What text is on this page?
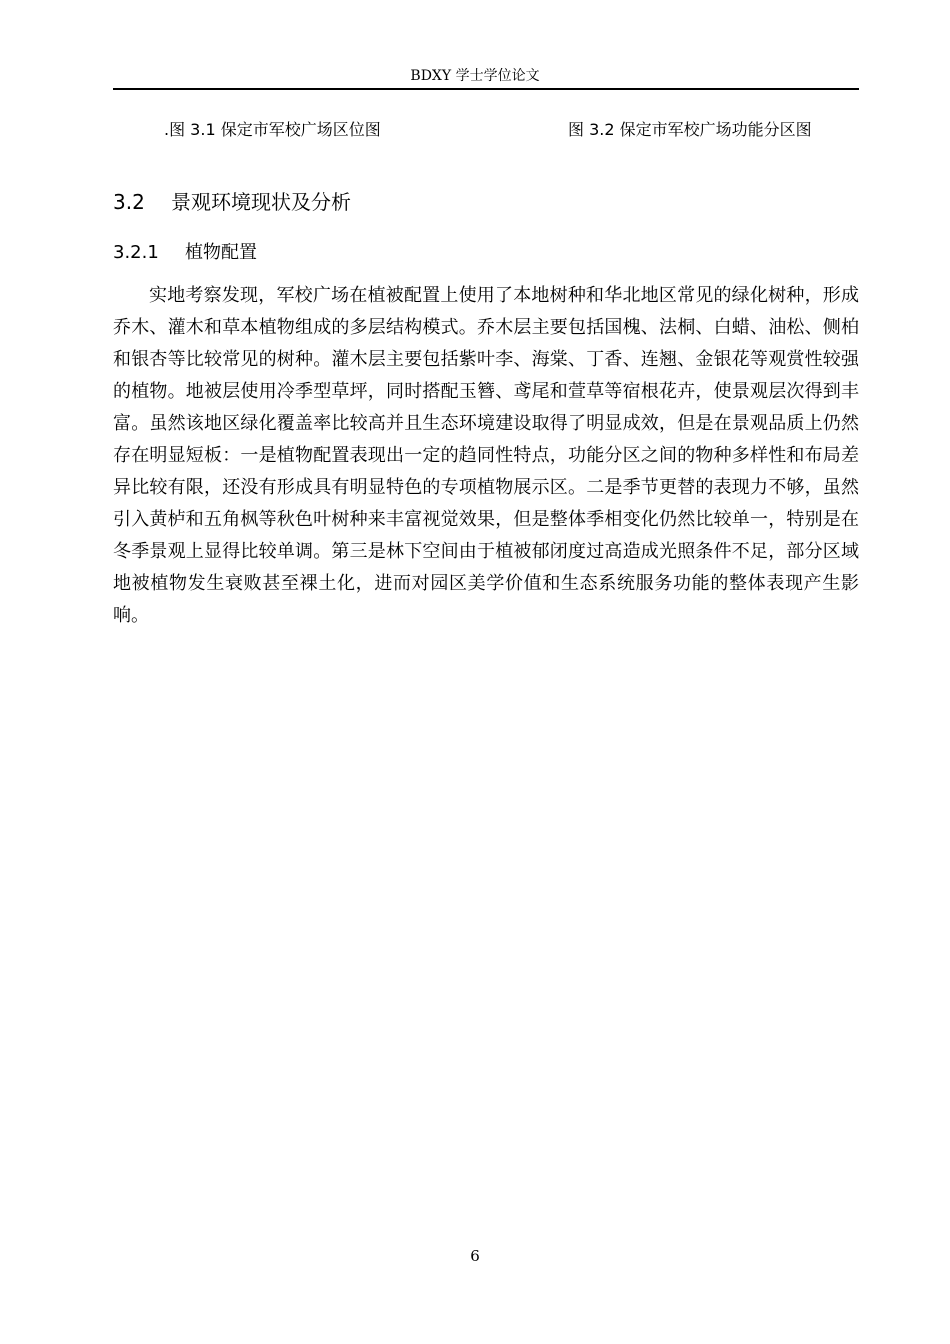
BDXY 学士学位论文
.图 3.1 保定市军校广场区位图	图 3.2 保定市军校广场功能分区图
3.2 景观环境现状及分析
3.2.1 植物配置

实地考察发现，军校广场在植被配置上使用了本地树种和华北地区常见的绿化树种，形成乔木、灌木和草本植物组成的多层结构模式。乔木层主要包括国槐、法桐、白蜡、油松、侧柏和银杏等比较常见的树种。灌木层主要包括紫叶李、海棠、丁香、连翘、金银花等观赏性较强的植物。地被层使用冷季型草坪，同时搭配玉簪、鸢尾和萱草等宿根花卉，使景观层次得到丰富。虽然该地区绿化覆盖率比较高并且生态环境建设取得了明显成效，但是在景观品质上仍然存在明显短板：一是植物配置表现出一定的趋同性特点，功能分区之间的物种多样性和布局差异比较有限，还没有形成具有明显特色的专项植物展示区。二是季节更替的表现力不够，虽然引入黄栌和五角枫等秋色叶树种来丰富视觉效果，但是整体季相变化仍然比较单一，特别是在冬季景观上显得比较单调。第三是林下空间由于植被郁闭度过高造成光照条件不足，部分区域地被植物发生衰败甚至裸土化，进而对园区美学价值和生态系统服务功能的整体表现产生影响。

6
